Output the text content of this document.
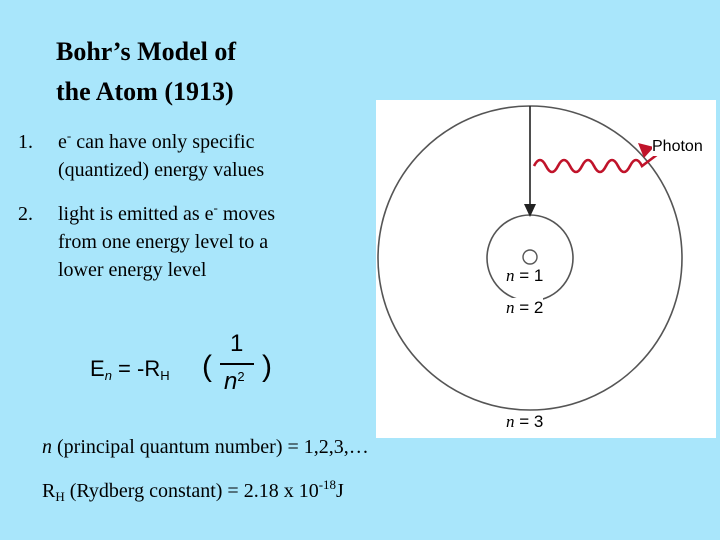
Bohr’s Model of
the Atom (1913)
1. e- can have only specific
(quantized) energy values
2. light is emitted as e- moves
from one energy level to a
lower energy level
$E_n = -R_H$ (
1
$n^2$ )
n (principal quantum number) = 1,2,3,…
$R_H$ (Rydberg constant) = 2.18 x $10^{-18}J$
Photon
n = 1
n = 2
n = 3
